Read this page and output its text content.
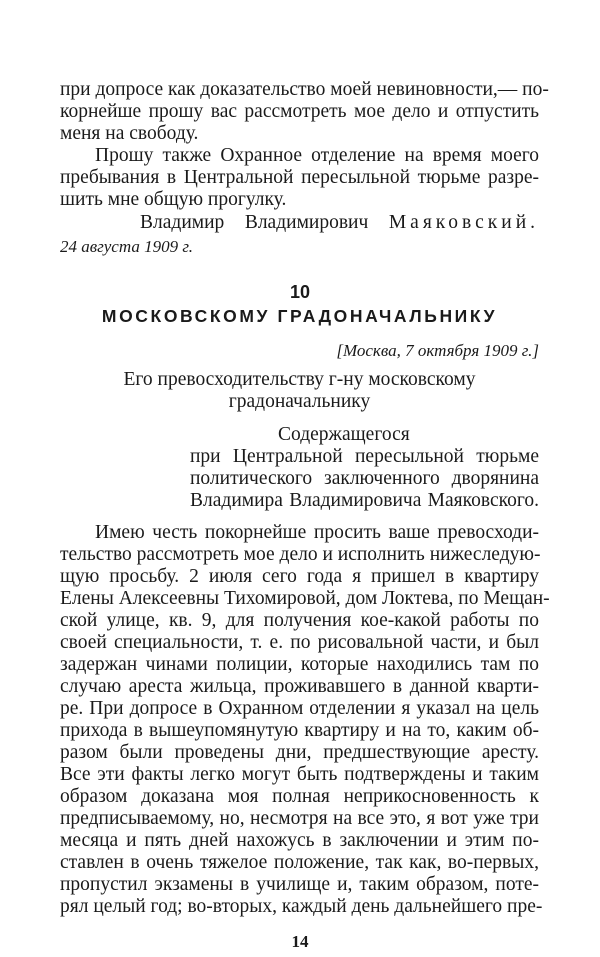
при допросе как доказательство моей невиновности,— по-
корнейше прошу вас рассмотреть мое дело и отпустить
меня на свободу.
Прошу также Охранное отделение на время моего
пребывания в Центральной пересыльной тюрьме разре-
шить мне общую прогулку.
Владимир Владимирович Маяковский.
24 августа 1909 г.
10
МОСКОВСКОМУ ГРАДОНАЧАЛЬНИКУ
[Москва, 7 октября 1909 г.]
Его превосходительству г-ну московскому
градоначальнику
Содержащегося
при Центральной пересыльной тюрьме
политического заключенного дворянина
Владимира Владимировича Маяковского.
Имею честь покорнейше просить ваше превосходи-
тельство рассмотреть мое дело и исполнить нижеследую-
щую просьбу. 2 июля сего года я пришел в квартиру
Елены Алексеевны Тихомировой, дом Локтева, по Мещан-
ской улице, кв. 9, для получения кое-какой работы по
своей специальности, т. е. по рисовальной части, и был
задержан чинами полиции, которые находились там по
случаю ареста жильца, проживавшего в данной кварти-
ре. При допросе в Охранном отделении я указал на цель
прихода в вышеупомянутую квартиру и на то, каким об-
разом были проведены дни, предшествующие аресту.
Все эти факты легко могут быть подтверждены и таким
образом доказана моя полная неприкосновенность к
предписываемому, но, несмотря на все это, я вот уже три
месяца и пять дней нахожусь в заключении и этим по-
ставлен в очень тяжелое положение, так как, во-первых,
пропустил экзамены в училище и, таким образом, поте-
рял целый год; во-вторых, каждый день дальнейшего пре-
14
